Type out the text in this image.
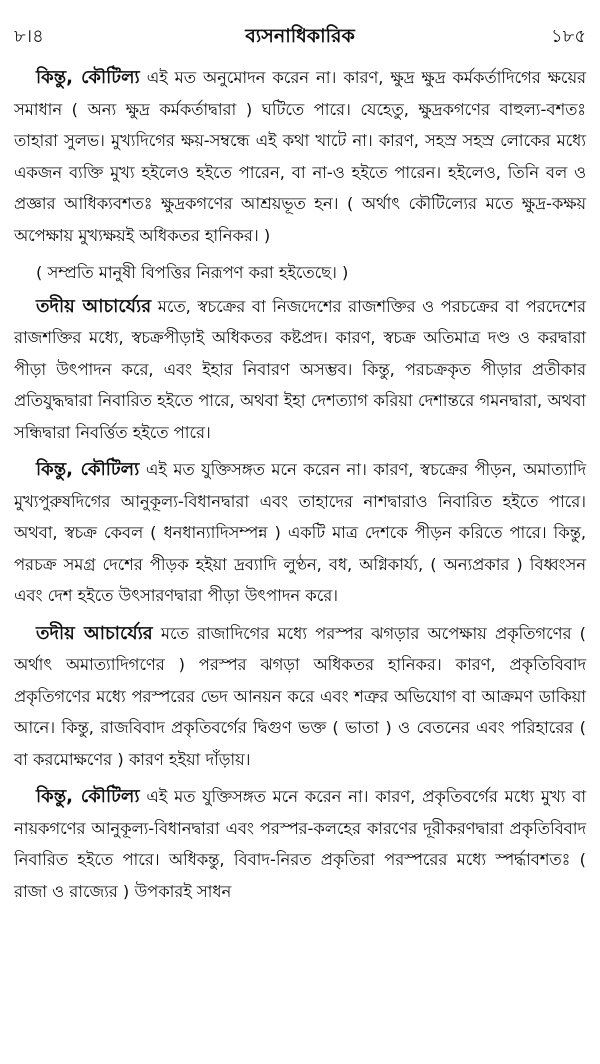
৮।৪	ব্যসনাধিকারিক	১৮৫

কিন্তু, কৌটিল্য এই মত অনুমোদন করেন না। কারণ, ক্ষুদ্র ক্ষুদ্র কর্মকর্তাদিগের ক্ষয়ের সমাধান ( অন্য ক্ষুদ্র কর্মকর্তাদ্বারা ) ঘটিতে পারে। যেহেতু, ক্ষুদ্রকগণের বাহুল্য-বশতঃ তাহারা সুলভ। মুখ্যদিগের ক্ষয়-সম্বন্ধে এই কথা খাটে না। কারণ, সহস্র সহস্র লোকের মধ্যে একজন ব্যক্তি মুখ্য হইলেও হইতে পারেন, বা না-ও হইতে পারেন। হইলেও, তিনি বল ও প্রজ্ঞার আধিক্যবশতঃ ক্ষুদ্রকগণের আশ্রয়ভূত হন। ( অর্থাৎ কৌটিল্যের মতে ক্ষুদ্র-কক্ষয় অপেক্ষায় মুখ্যক্ষয়ই অধিকতর হানিকর। )

( সম্প্রতি মানুষী বিপত্তির নিরূপণ করা হইতেছে। )

তদীয় আচার্য্যের মতে, স্বচক্রের বা নিজদেশের রাজশক্তির ও পরচক্রের বা পরদেশের রাজশক্তির মধ্যে, স্বচক্রপীড়াই অধিকতর কষ্টপ্রদ। কারণ, স্বচক্র অতিমাত্র দণ্ড ও করদ্বারা পীড়া উৎপাদন করে, এবং ইহার নিবারণ অসম্ভব। কিন্তু, পরচক্রকৃত পীড়ার প্রতীকার প্রতিযুদ্ধদ্বারা নিবারিত হইতে পারে, অথবা ইহা দেশত্যাগ করিয়া দেশান্তরে গমনদ্বারা, অথবা সন্ধিদ্বারা নিবর্ত্তিত হইতে পারে।

কিন্তু, কৌটিল্য এই মত যুক্তিসঙ্গত মনে করেন না। কারণ, স্বচক্রের পীড়ন, অমাত্যাদি মুখ্যপুরুষদিগের আনুকূল্য-বিধানদ্বারা এবং তাহাদের নাশদ্বারাও নিবারিত হইতে পারে। অথবা, স্বচক্র কেবল ( ধনধান্যাদিসম্পন্ন ) একটি মাত্র দেশকে পীড়ন করিতে পারে। কিন্তু, পরচক্র সমগ্র দেশের পীড়ক হইয়া দ্রব্যাদি লুণ্ঠন, বধ, অগ্নিকার্য্য, ( অন্যপ্রকার ) বিধ্বংসন এবং দেশ হইতে উৎসারণদ্বারা পীড়া উৎপাদন করে।

তদীয় আচার্য্যের মতে রাজাদিগের মধ্যে পরস্পর ঝগড়ার অপেক্ষায় প্রকৃতিগণের ( অর্থাৎ অমাত্যাদিগণের ) পরস্পর ঝগড়া অধিকতর হানিকর। কারণ, প্রকৃতিবিবাদ প্রকৃতিগণের মধ্যে পরস্পরের ভেদ আনয়ন করে এবং শত্রুর অভিযোগ বা আক্রমণ ডাকিয়া আনে। কিন্তু, রাজবিবাদ প্রকৃতিবর্গের দ্বিগুণ ভক্ত ( ভাতা ) ও বেতনের এবং পরিহারের ( বা করমোক্ষণের ) কারণ হইয়া দাঁড়ায়।

কিন্তু, কৌটিল্য এই মত যুক্তিসঙ্গত মনে করেন না। কারণ, প্রকৃতিবর্গের মধ্যে মুখ্য বা নায়কগণের আনুকূল্য-বিধানদ্বারা এবং পরস্পর-কলহের কারণের দূরীকরণদ্বারা প্রকৃতিবিবাদ নিবারিত হইতে পারে। অধিকন্তু, বিবাদ-নিরত প্রকৃতিরা পরস্পরের মধ্যে স্পর্দ্ধাবশতঃ ( রাজা ও রাজ্যের ) উপকারই সাধন
